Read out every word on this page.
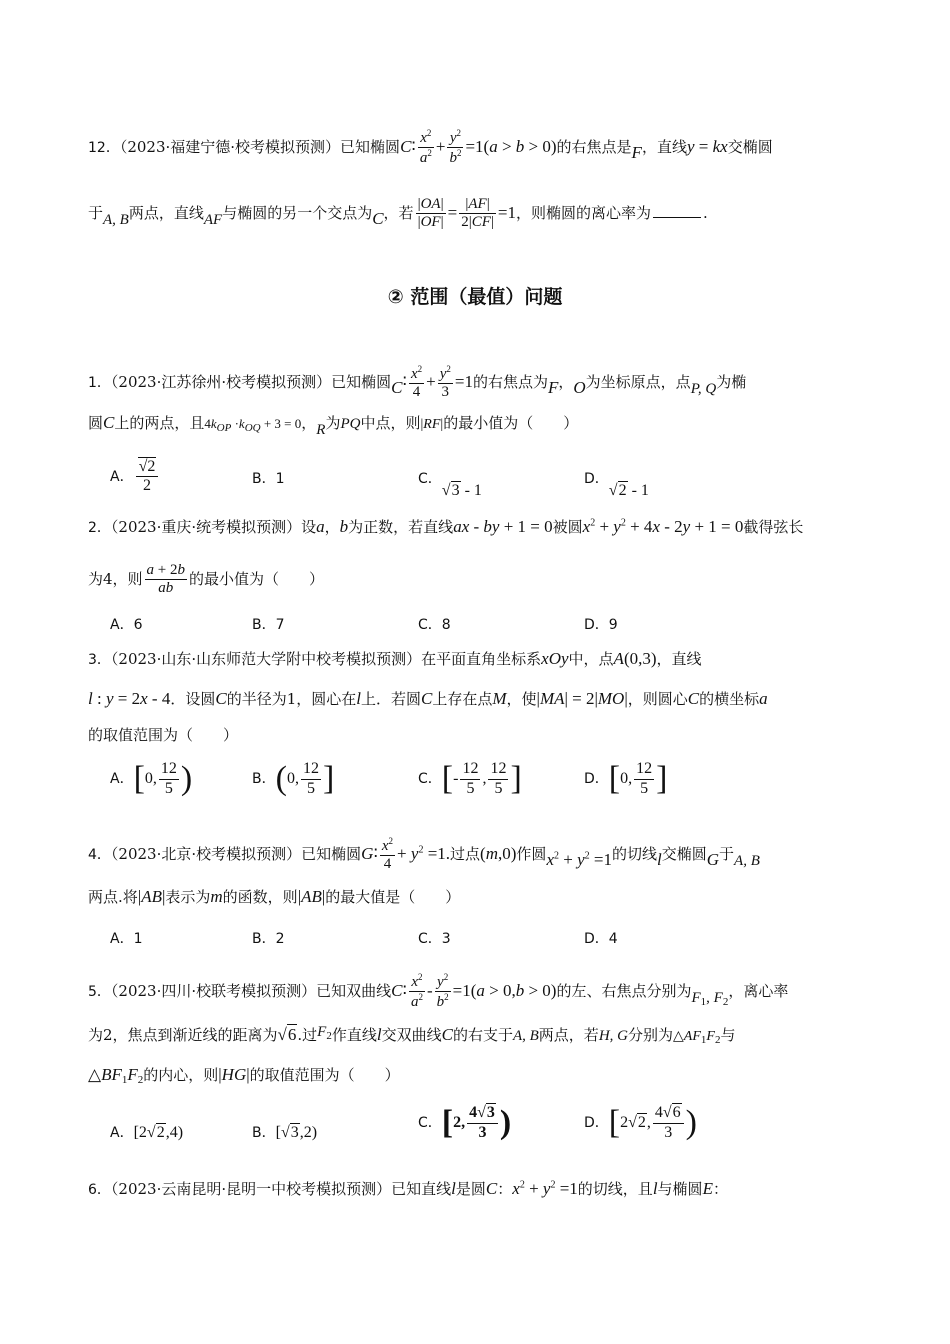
12．（2023·福建宁德·校考模拟预测）已知椭圆C∶ $\frac{x^2}{a^2} + \frac{y^2}{b^2} =1(a > b > 0)$的右焦点是F，直线y = kx交椭圆
于A, B两点，直线AF与椭圆的另一个交点为C，若 $\frac{|OA|}{|OF|} = \frac{|AF|}{2|CF|} =1$，则椭圆的离心率为	.
② 范围（最值）问题
1．（2023·江苏徐州·校考模拟预测）已知椭圆C∶ $\frac{x^2}{4} + \frac{y^2}{3} =1$的右焦点为F，O为坐标原点，点P, Q为椭
圆C上的两点，且$4k_{OP} \cdot k_{OQ} + 3 = 0$，R为PQ中点，则|RF|的最小值为（　　）
A． $\frac{√2}{2}$	B．1	C．√3 - 1
D．√2 - 1
2．（2023·重庆·统考模拟预测）设a，b为正数，若直线ax - by + 1 = 0被圆$x^2 + y^2 + 4x - 2y + 1 = 0$截得弦长
为4，则 $\frac{a + 2b}{ab}$ 的最小值为（　　）
A．6	B．7	C．8	D．9
3．（2023·山东·山东师范大学附中校考模拟预测）在平面直角坐标系xOy中，点A(0,3)，直线
l : y = 2x - 4．设圆C的半径为1，圆心在l上．若圆C上存在点M，使|MA| = 2|MO|，则圆心C的横坐标a
的取值范围为（　　）
A．[0, $\frac{12}{5}$ )	B．(0, $\frac{12}{5}$ ]	C．[- $\frac{12}{5}$ , $\frac{12}{5}$ ]	D．[0, $\frac{12}{5}$ ]
4．（2023·北京·校考模拟预测）已知椭圆G∶ $\frac{x^2}{4} + y^2 =1$.过点(m,0)作圆$x^2 + y^2 =1$的切线l交椭圆G于A, B
两点.将|AB|表示为m的函数，则|AB|的最大值是（　　）
A．1	B．2	C．3	D．4
5．（2023·四川·校联考模拟预测）已知双曲线C∶ $\frac{x^2}{a^2} - \frac{y^2}{b^2} =1(a > 0,b > 0)$的左、右焦点分别为$F_1$, $F_2$，离心率
为2，焦点到渐近线的距离为√6.过$F_2$作直线l交双曲线C的右支于A, B两点，若H, G分别为$\triangle AF_1F_2$与
$\triangle BF_1F_2$的内心，则|HG|的取值范围为（　　）
A．[2√2,4)	B．[√3,2)
C．[2, $\frac{4√3}{3}$ )	D．[2√2, $\frac{4√6}{3}$ )
6．（2023·云南昆明·昆明一中校考模拟预测）已知直线l是圆C：$x^2 + y^2 =1$的切线，且l与椭圆E：
